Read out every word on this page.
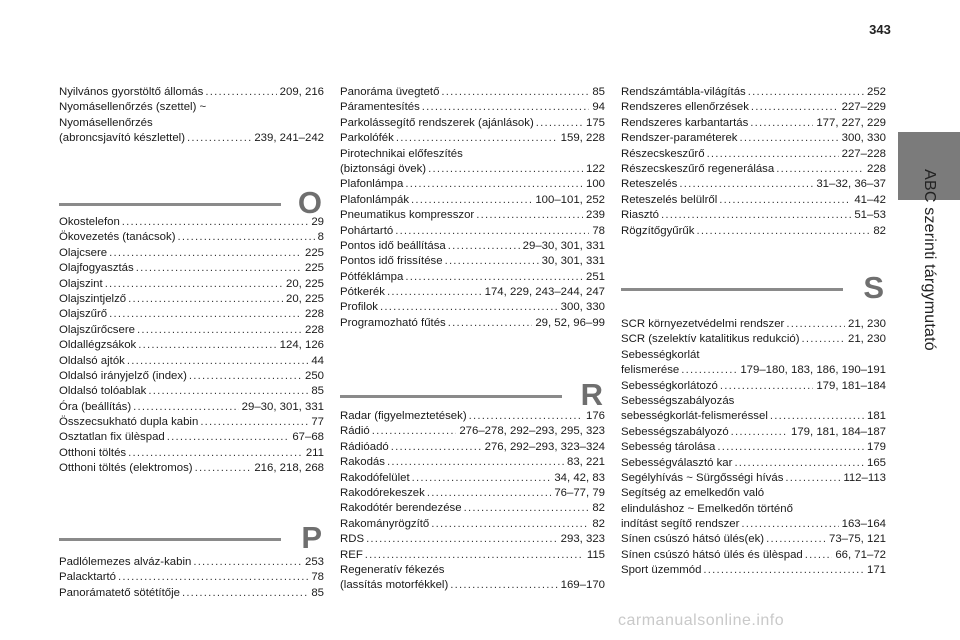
343
ABC szerinti tárgymutató
Nyilvános gyorstöltő állomás .....	209, 216
Nyomásellenőrzés (szettel) ~
Nyomásellenőrzés
(abroncsjavító készlettel) .....	239, 241–242
O
Okostelefon .....	29
Ökovezetés (tanácsok) .....	8
Olajcsere .....	225
Olajfogyasztás .....	225
Olajszint .....	20, 225
Olajszintjelző .....	20, 225
Olajszűrő .....	228
Olajszűrőcsere .....	228
Oldallégzsákok .....	124, 126
Oldalsó ajtók .....	44
Oldalsó irányjelző (index) .....	250
Oldalsó tolóablak .....	85
Óra (beállítás) .....	29–30, 301, 331
Összecsukható dupla kabin .....	77
Osztatlan fix ülèspad .....	67–68
Otthoni töltés .....	211
Otthoni töltés (elektromos) .....	216, 218, 268
P
Padlólemezes alváz-kabin .....	253
Palacktartó .....	78
Panorámatető sötétítője .....	85
Panoráma üvegtető .....	85
Páramentesítés .....	94
Parkolássegítő rendszerek (ajánlások) .....	175
Parkolófék .....	159, 228
Pirotechnikai előfeszítés
(biztonsági övek) .....	122
Plafonlámpa .....	100
Plafonlámpák .....	100–101, 252
Pneumatikus kompresszor .....	239
Pohártartó .....	78
Pontos idő beállítása .....	29–30, 301, 331
Pontos idő frissítése .....	30, 301, 331
Pótféklámpa .....	251
Pótkerék .....	174, 229, 243–244, 247
Profilok .....	300, 330
Programozható fűtés .....	29, 52, 96–99
R
Radar (figyelmeztetések) .....	176
Rádió .....	276–278, 292–293, 295, 323
Rádióadó .....	276, 292–293, 323–324
Rakodás .....	83, 221
Rakodófelület .....	34, 42, 83
Rakodórekeszek .....	76–77, 79
Rakodótér berendezése .....	82
Rakományrögzítő .....	82
RDS .....	293, 323
REF .....	115
Regeneratív fékezés
(lassítás motorfékkel) .....	169–170
Rendszámtábla-világítás .....	252
Rendszeres ellenőrzések .....	227–229
Rendszeres karbantartás .....	177, 227, 229
Rendszer-paraméterek .....	300, 330
Részecskeszűrő .....	227–228
Részecskeszűrő regenerálása .....	228
Reteszelés .....	31–32, 36–37
Reteszelés belülről .....	41–42
Riasztó .....	51–53
Rögzítőgyűrűk .....	82
S
SCR környezetvédelmi rendszer .....	21, 230
SCR (szelektív katalitikus redukció) .....	21, 230
Sebességkorlát
felismerése .....	179–180, 183, 186, 190–191
Sebességkorlátozó .....	179, 181–184
Sebességszabályozás
sebességkorlát-felismeréssel .....	181
Sebességszabályozó .....	179, 181, 184–187
Sebesség tárolása .....	179
Sebességválasztó kar .....	165
Segélyhívás ~ Sürgősségi hívás .....	112–113
Segítség az emelkedőn való
elinduláshoz ~ Emelkedőn történő
indítást segítő rendszer .....	163–164
Sínen csúszó hátsó ülés(ek) .....	73–75, 121
Sínen csúszó hátsó ülés és ülèspad .....	66, 71–72
Sport üzemmód .....	171
carmanualsonline.info
